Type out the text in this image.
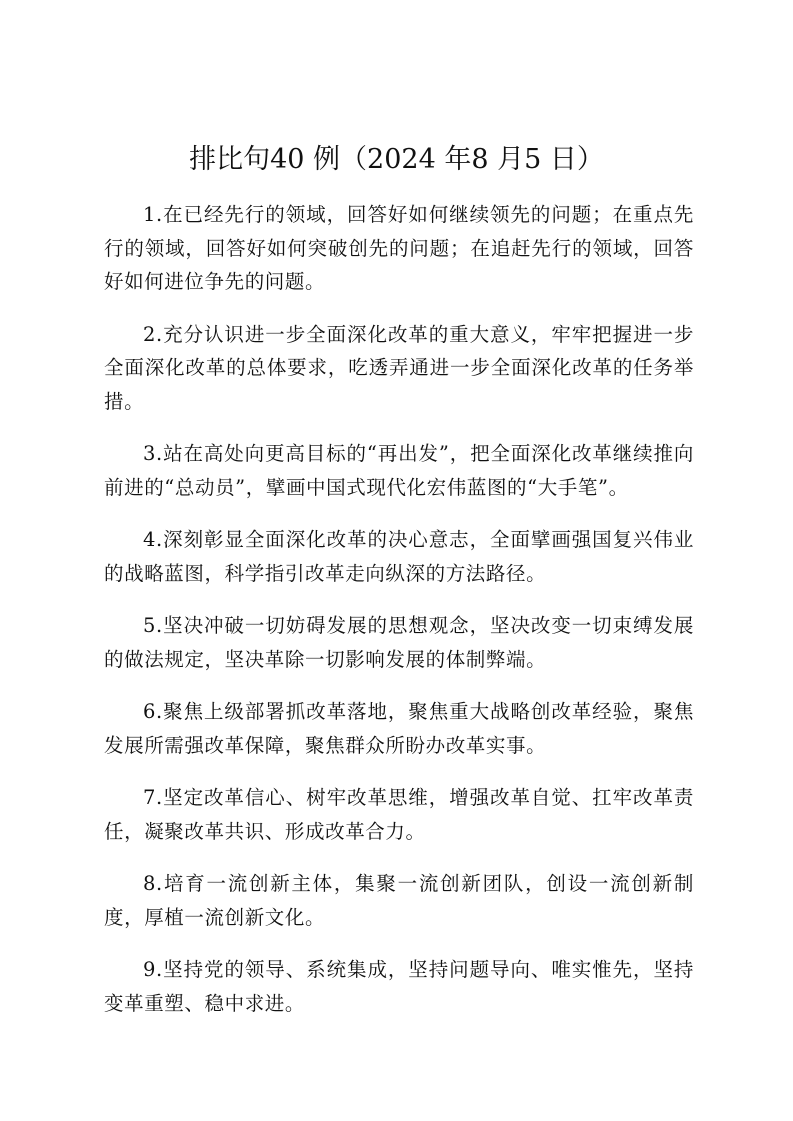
排比句40 例（2024 年8 月5 日）

1.在已经先行的领域，回答好如何继续领先的问题；在重点先行的领域，回答好如何突破创先的问题；在追赶先行的领域，回答好如何进位争先的问题。

2.充分认识进一步全面深化改革的重大意义，牢牢把握进一步全面深化改革的总体要求，吃透弄通进一步全面深化改革的任务举措。

3.站在高处向更高目标的“再出发”，把全面深化改革继续推向前进的“总动员”，擘画中国式现代化宏伟蓝图的“大手笔”。

4.深刻彰显全面深化改革的决心意志，全面擘画强国复兴伟业的战略蓝图，科学指引改革走向纵深的方法路径。

5.坚决冲破一切妨碍发展的思想观念，坚决改变一切束缚发展的做法规定，坚决革除一切影响发展的体制弊端。

6.聚焦上级部署抓改革落地，聚焦重大战略创改革经验，聚焦发展所需强改革保障，聚焦群众所盼办改革实事。

7.坚定改革信心、树牢改革思维，增强改革自觉、扛牢改革责任，凝聚改革共识、形成改革合力。

8.培育一流创新主体，集聚一流创新团队，创设一流创新制度，厚植一流创新文化。

9.坚持党的领导、系统集成，坚持问题导向、唯实惟先，坚持变革重塑、稳中求进。
